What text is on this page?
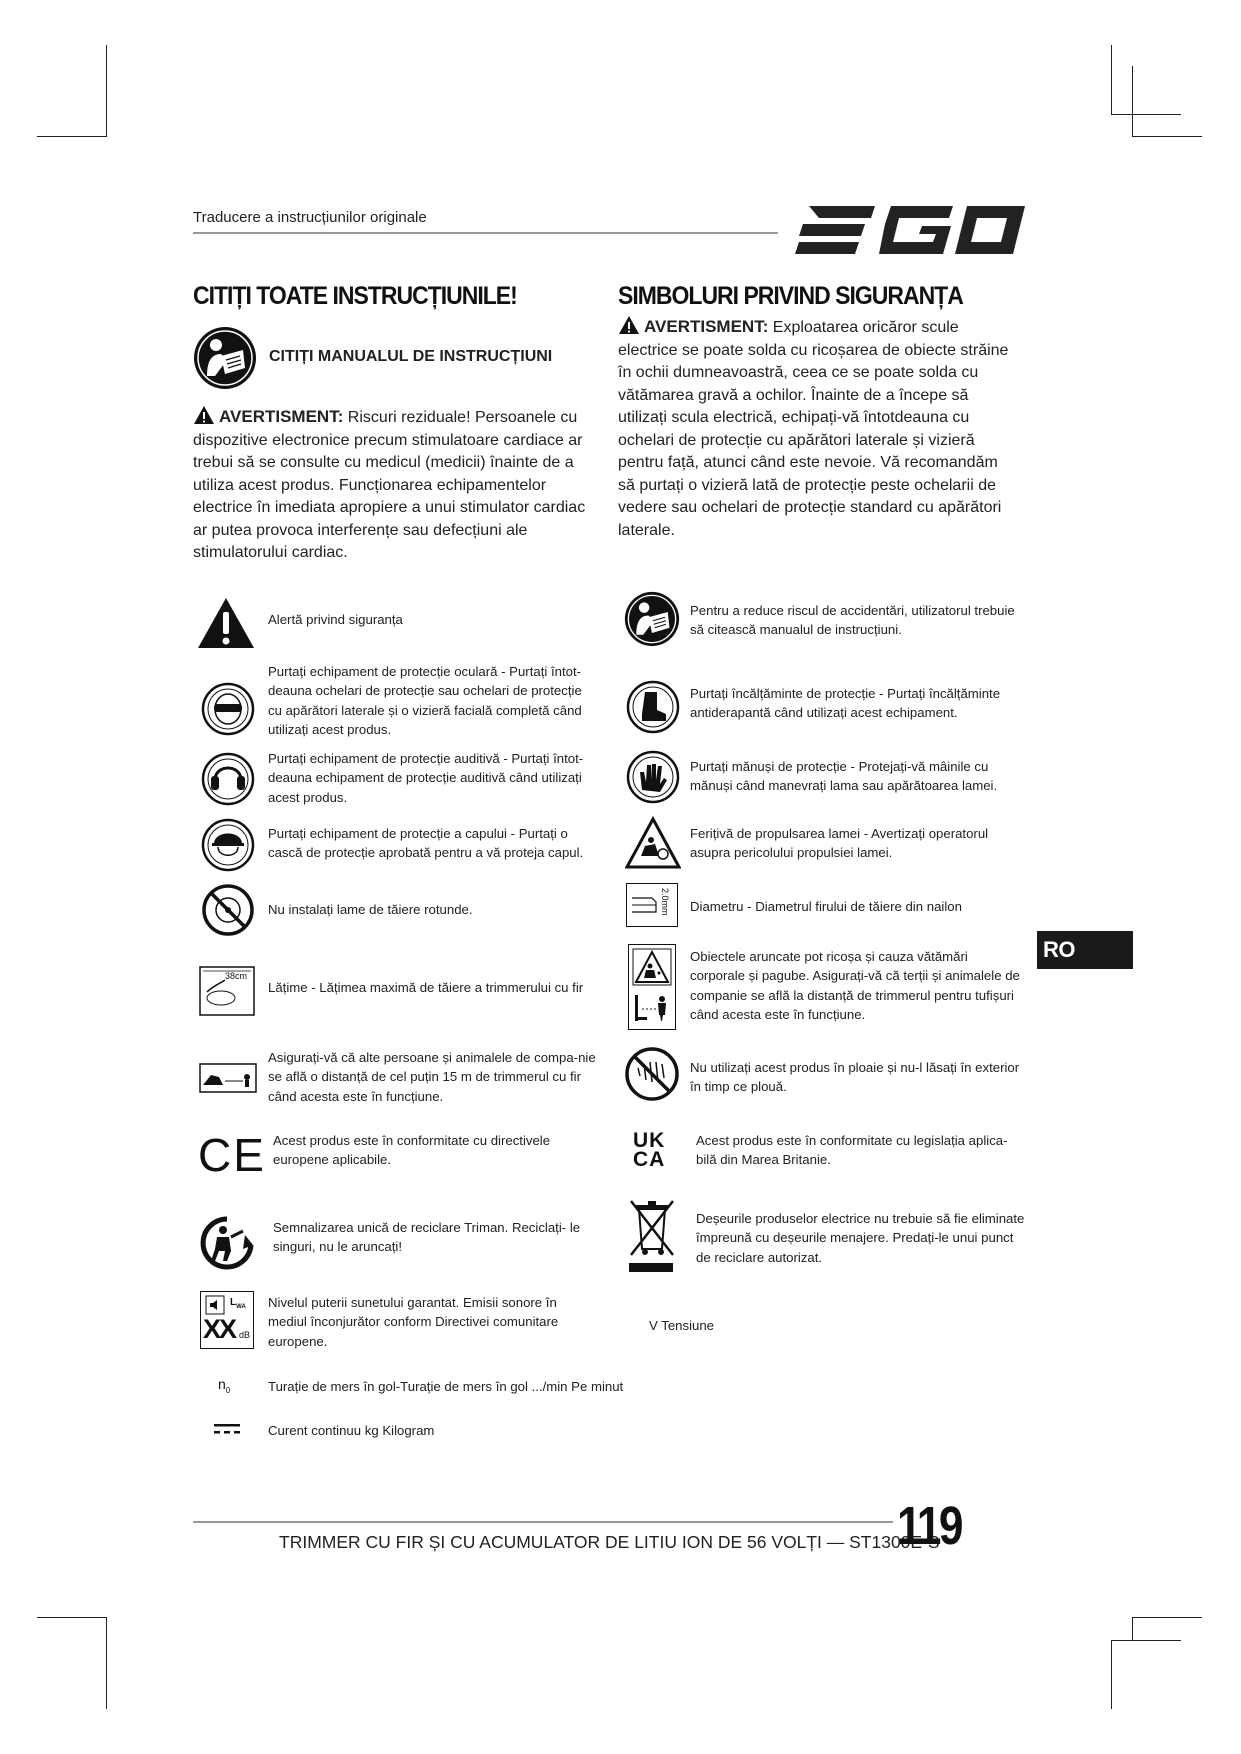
Traducere a instrucțiunilor originale
CITIȚI TOATE INSTRUCȚIUNILE!
CITIȚI MANUALUL DE INSTRUCȚIUNI
AVERTISMENT: Riscuri reziduale! Persoanele cu dispozitive electronice precum stimulatoare cardiace ar trebui să se consulte cu medicul (medicii) înainte de a utiliza acest produs. Funcționarea echipamentelor electrice în imediata apropiere a unui stimulator cardiac ar putea provoca interferențe sau defecțiuni ale stimulatorului cardiac.
SIMBOLURI PRIVIND SIGURANȚA
AVERTISMENT: Exploatarea oricăror scule electrice se poate solda cu ricoșarea de obiecte străine în ochii dumneavoastră, ceea ce se poate solda cu vătămarea gravă a ochilor. Înainte de a începe să utilizați scula electrică, echipați-vă întotdeauna cu ochelari de protecție cu apărători laterale și vizieră pentru față, atunci când este nevoie. Vă recomandăm să purtați o vizieră lată de protecție peste ochelarii de vedere sau ochelari de protecție standard cu apărători laterale.
Alertă privind siguranța
Purtați echipament de protecție oculară - Purtați întot-deauna ochelari de protecție sau ochelari de protecție cu apărători laterale și o vizieră facială completă când utilizați acest produs.
Purtați echipament de protecție auditivă - Purtați întot-deauna echipament de protecție auditivă când utilizați acest produs.
Purtați echipament de protecție a capului - Purtați o cască de protecție aprobată pentru a vă proteja capul.
Nu instalați lame de tăiere rotunde.
38cm
Lățime - Lățimea maximă de tăiere a trimmerului cu fir
Asigurați-vă că alte persoane și animalele de compa-nie se află o distanță de cel puțin 15 m de trimmerul cu fir când acesta este în funcțiune.
CE Acest produs este în conformitate cu directivele europene aplicabile.
Semnalizarea unică de reciclare Triman. Reciclați- le singuri, nu le aruncați!
$L_{WA}$
XX dB
Nivelul puterii sunetului garantat. Emisii sonore în mediul înconjurător conform Directivei comunitare europene.
$n_0$	Turație de mers în gol-Turație de mers în gol .../min Pe minut
Curent continuu kg Kilogram
Pentru a reduce riscul de accidentări, utilizatorul trebuie să citească manualul de instrucțiuni.
Purtați încălțăminte de protecție - Purtați încălțăminte antiderapantă când utilizați acest echipament.
Purtați mănuși de protecție - Protejați-vă mâinile cu mănuși când manevrați lama sau apărătoarea lamei.
Ferițivă de propulsarea lamei - Avertizați operatorul asupra pericolului propulsiei lamei.
2.0mm Diametru - Diametrul firului de tăiere din nailon
Obiectele aruncate pot ricoșa și cauza vătămări corporale și pagube. Asigurați-vă că terții și animalele de companie se află la distanță de trimmerul pentru tufișuri când acesta este în funcțiune.
Nu utilizați acest produs în ploaie și nu-l lăsați în exterior în timp ce plouă.
UK
CA
Acest produs este în conformitate cu legislația aplica-bilă din Marea Britanie.
Deșeurile produselor electrice nu trebuie să fie eliminate împreună cu deșeurile menajere. Predați-le unui punct de reciclare autorizat.
V Tensiune
RO
TRIMMER CU FIR ȘI CU ACUMULATOR DE LITIU ION DE 56 VOLȚI — ST1300E-S
119
